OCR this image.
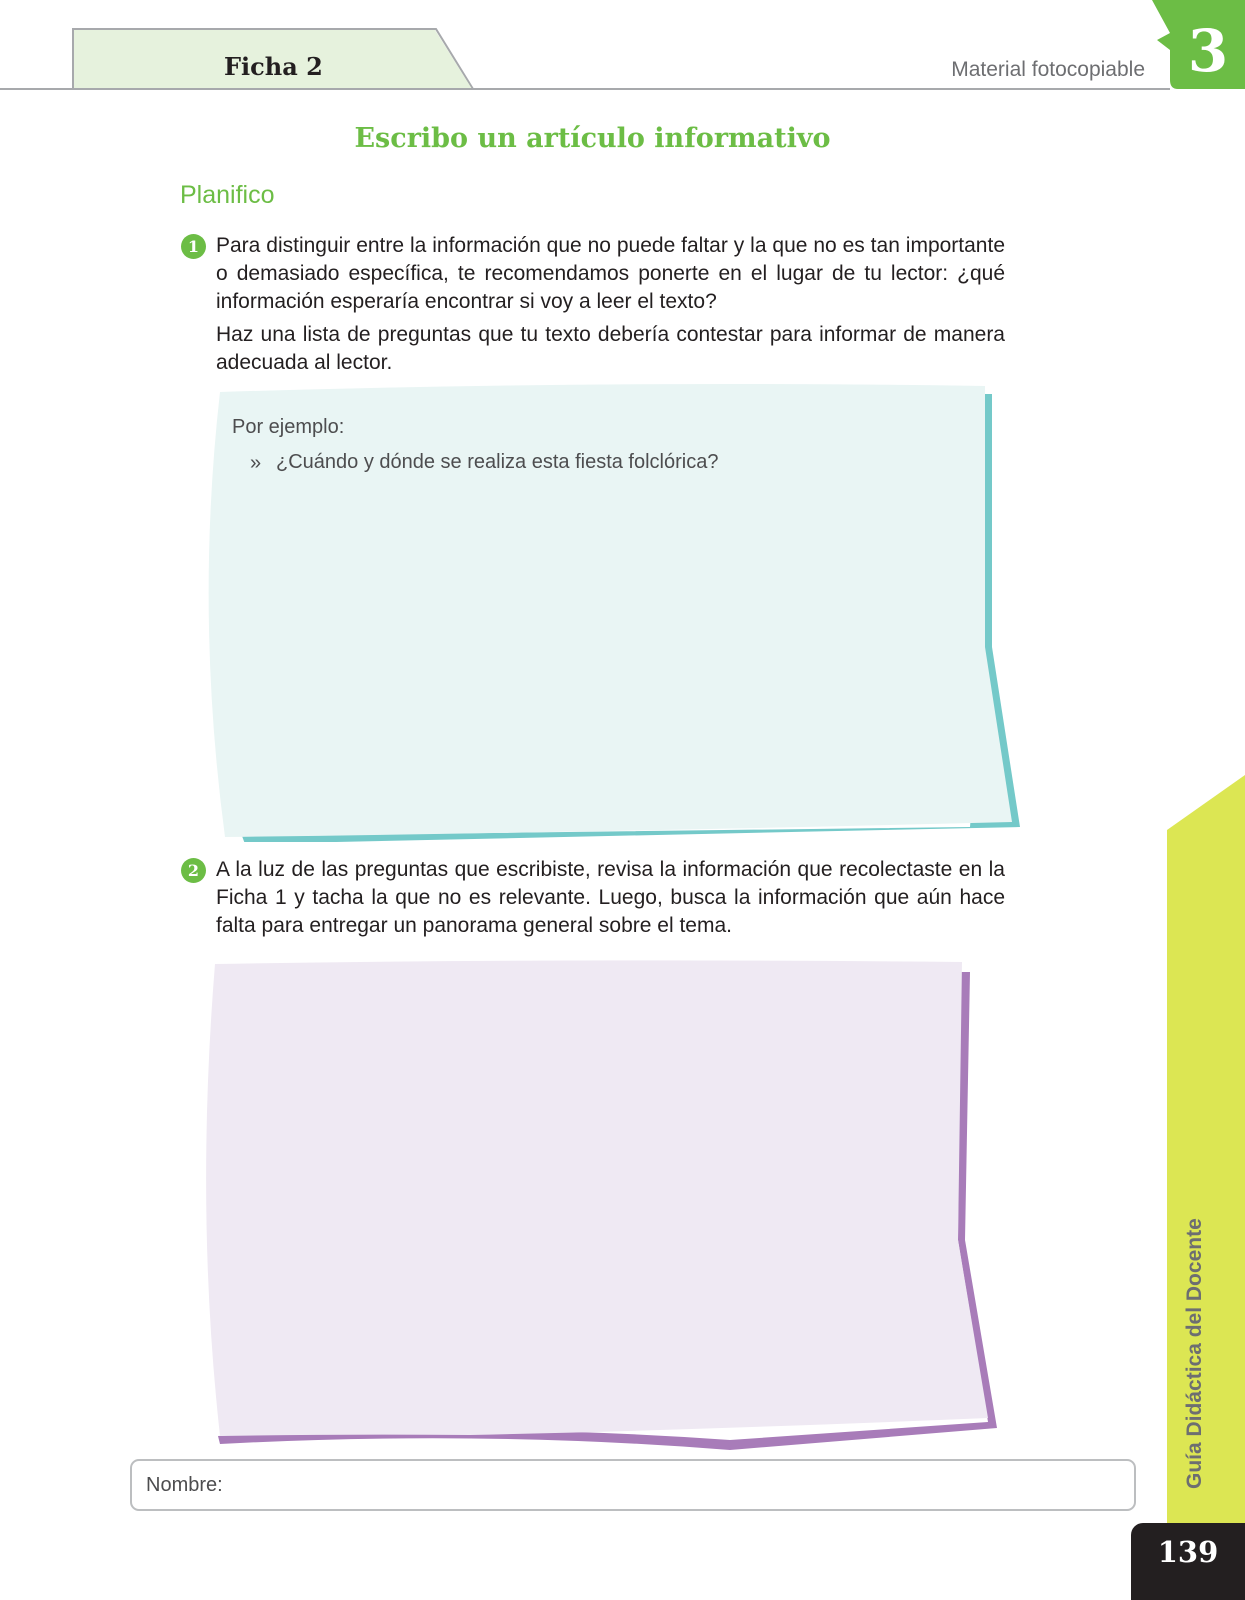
Ficha 2	Material fotocopiable 3
Escribo un artículo informativo
Planifico
1 Para distinguir entre la información que no puede faltar y la que no es tan importante o demasiado específica, te recomendamos ponerte en el lugar de tu lector: ¿qué información esperaría encontrar si voy a leer el texto?
Haz una lista de preguntas que tu texto debería contestar para informar de manera adecuada al lector.
Por ejemplo:
» ¿Cuándo y dónde se realiza esta fiesta folclórica?
2 A la luz de las preguntas que escribiste, revisa la información que recolectaste en la Ficha 1 y tacha la que no es relevante. Luego, busca la información que aún hace falta para entregar un panorama general sobre el tema.
Nombre:	Guía Didáctica del Docente
139
